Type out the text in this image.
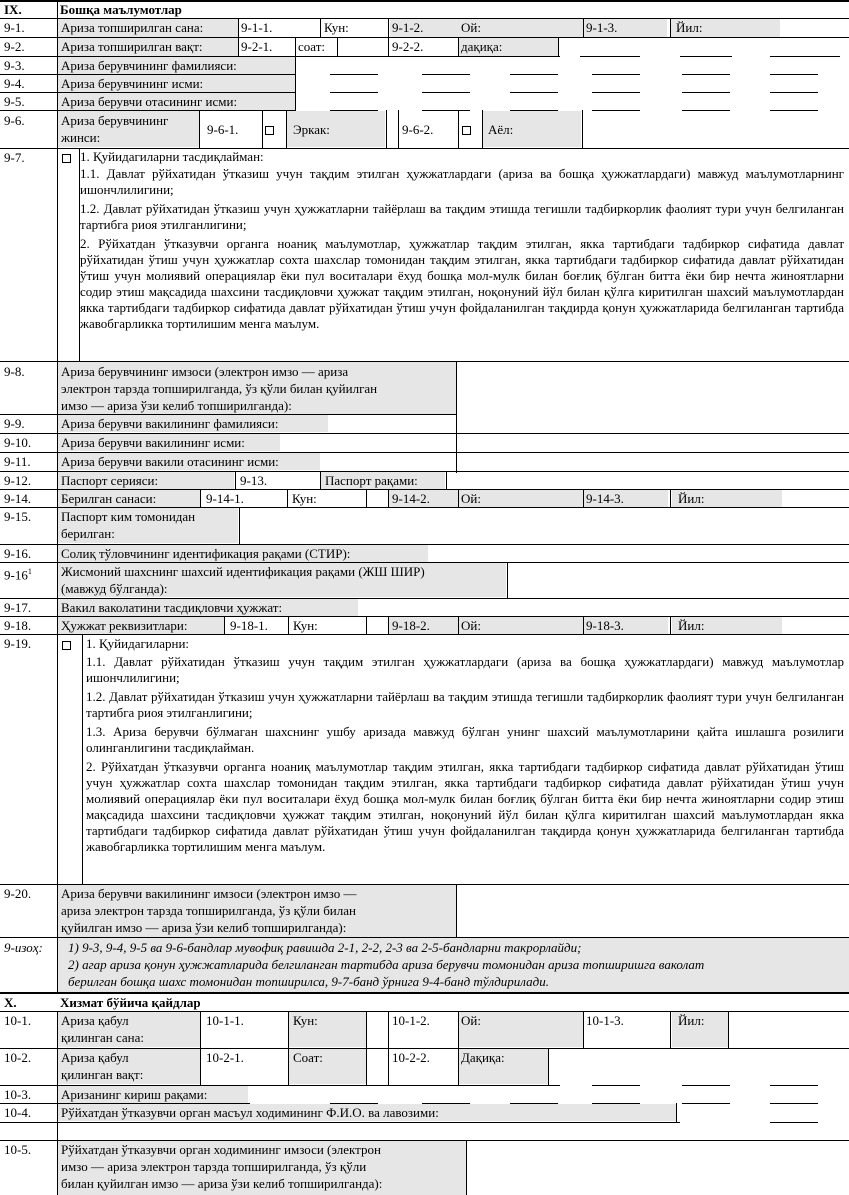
IX.	Бошқа маълумотлар
9-1.	Ариза топширилган сана:	9-1-1.	Кун:	9-1-2.	Ой:	9-1-3.	Йил:
9-2.	Ариза топширилган вақт:	9-2-1. соат:	9-2-2.	дақиқа:
9-3.	Ариза берувчининг фамилияси:
9-4.	Ариза берувчининг исми:
9-5.	Ариза берувчи отасининг исми:
9-6.	Ариза берувчининг
жинси:
9-6-1.	Эркак:	9-6-2.	Аёл:
9-7.	1. Қуйидагиларни тасдиқлайман:
1.1. Давлат рўйхатидан ўтказиш учун тақдим этилган ҳужжатлардаги (ариза ва бошқа ҳужжатлардаги) мавжуд маълумотларнинг ишончлилигини;
1.2. Давлат рўйхатидан ўтказиш учун ҳужжатларни тайёрлаш ва тақдим этишда тегишли тадбиркорлик фаолият тури учун белгиланган тартибга риоя этилганлигини;
2. Рўйхатдан ўтказувчи органга ноаниқ маълумотлар, ҳужжатлар тақдим этилган, якка тартибдаги тадбиркор сифатида давлат рўйхатидан ўтиш учун ҳужжатлар сохта шахслар томонидан тақдим этилган, якка тартибдаги тадбиркор сифатида давлат рўйхатидан ўтиш учун молиявий операциялар ёки пул воситалари ёхуд бошқа мол-мулк билан боғлиқ бўлган битта ёки бир нечта жиноятларни содир этиш мақсадида шахсини тасдиқловчи ҳужжат тақдим этилган, ноқонуний йўл билан қўлга киритилган шахсий маълумотлардан якка тартибдаги тадбиркор сифатида давлат рўйхатидан ўтиш учун фойдаланилган тақдирда қонун ҳужжатларида белгиланган тартибда жавобгарликка тортилишим менга маълум.
9-8.	Ариза берувчининг имзоси (электрон имзо — ариза
электрон тарзда топширилганда, ўз қўли билан қуйилган
имзо — ариза ўзи келиб топширилганда):
9-9.	Ариза берувчи вакилининг фамилияси:
9-10. Ариза берувчи вакилининг исми:
9-11. Ариза берувчи вакили отасининг исми:
9-12. Паспорт серияси:	9-13.	Паспорт рақами:
9-14. Берилган санаси:	9-14-1.	Кун:	9-14-2. Ой:	9-14-3.	Йил:
9-15. Паспорт ким томонидан
берилган:
9-16. Солиқ тўловчининг идентификация рақами (СТИР):
$9-16^1$ Жисмоний шахснинг шахсий идентификация рақами (ЖШ ШИР)
(мавжуд бўлганда):
9-17. Вакил ваколатини тасдиқловчи ҳужжат:
9-18. Ҳужжат реквизитлари:	9-18-1. Кун:	9-18-2. Ой:	9-18-3.	Йил:
9-19.	1. Қуйидагиларни:
1.1. Давлат рўйхатидан ўтказиш учун тақдим этилган ҳужжатлардаги (ариза ва бошқа ҳужжатлардаги) мавжуд маълумотлар ишончлилигини;
1.2. Давлат рўйхатидан ўтказиш учун ҳужжатларни тайёрлаш ва тақдим этишда тегишли тадбиркорлик фаолият тури учун белгиланган тартибга риоя этилганлигини;
1.3. Ариза берувчи бўлмаган шахснинг ушбу аризада мавжуд бўлган унинг шахсий маълумотларини қайта ишлашга розилиги олинганлигини тасдиқлайман.
2. Рўйхатдан ўтказувчи органга ноаниқ маълумотлар тақдим этилган, якка тартибдаги тадбиркор сифатида давлат рўйхатидан ўтиш учун ҳужжатлар сохта шахслар томонидан тақдим этилган, якка тартибдаги тадбиркор сифатида давлат рўйхатидан ўтиш учун молиявий операциялар ёки пул воситалари ёхуд бошқа мол-мулк билан боғлиқ бўлган битта ёки бир нечта жиноятларни содир этиш мақсадида шахсини тасдиқловчи ҳужжат тақдим этилган, ноқонуний йўл билан қўлга киритилган шахсий маълумотлардан якка тартибдаги тадбиркор сифатида давлат рўйхатидан ўтиш учун фойдаланилган тақдирда қонун ҳужжатларида белгиланган тартибда жавобгарликка тортилишим менга маълум.
9-20. Ариза берувчи вакилининг имзоси (электрон имзо —
ариза электрон тарзда топширилганда, ўз қўли билан
қуйилган имзо — ариза ўзи келиб топширилганда):
9-изоҳ: 1) 9-3, 9-4, 9-5 ва 9-6-бандлар мувофиқ равишда 2-1, 2-2, 2-3 ва 2-5-бандларни такрорлайди;
2) агар ариза қонун ҳужжатларида белгиланган тартибда ариза берувчи томонидан ариза топширишга ваколат
берилган бошқа шахс томонидан топширилса, 9-7-банд ўрнига 9-4-банд тўлдирилади.
X.	Хизмат бўйича қайдлар
10-1. Ариза қабул
қилинган сана:
10-1-1.	Кун:	10-1-2. Ой:	10-1-3.	Йил:
10-2. Ариза қабул
қилинган вақт:
10-2-1.	Соат:	10-2-2. Дақиқа:
10-3. Аризанинг кириш рақами:
10-4. Рўйхатдан ўтказувчи орган масъул ходимининг Ф.И.О. ва лавозими:
10-5. Рўйхатдан ўтказувчи орган ходимининг имзоси (электрон
имзо — ариза электрон тарзда топширилганда, ўз қўли
билан қуйилган имзо — ариза ўзи келиб топширилганда):
